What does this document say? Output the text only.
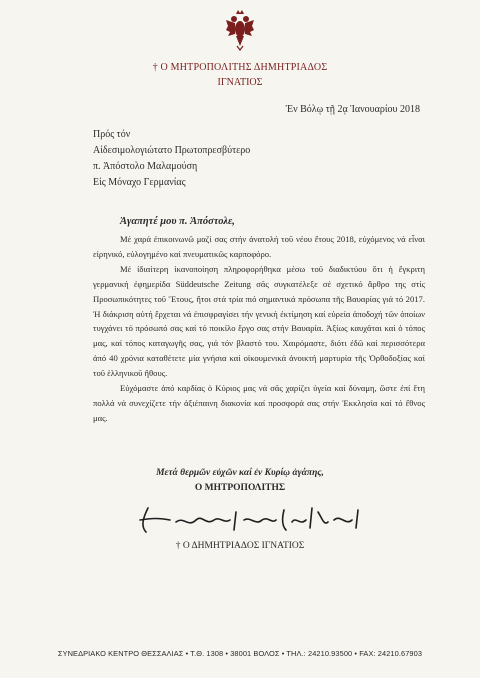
† Ο ΜΗΤΡΟΠΟΛΙΤΗΣ ΔΗΜΗΤΡΙΑΔΟΣ
ΙΓΝΑΤΙΟΣ
Ἐν Βόλῳ τῇ 2ᾳ Ἰανουαρίου 2018
Πρός τόν
Αἰδεσιμολογιώτατο Πρωτοπρεσβύτερο
π. Ἀπόστολο Μαλαμούση
Εἰς Μόναχο Γερμανίας
Ἀγαπητέ μου π. Ἀπόστολε,

Μέ χαρά ἐπικοινωνῶ μαζί σας στήν ἀνατολή τοῦ νέου ἔτους 2018, εὐχόμενος νά εἶναι εἰρηνικό, εὐλογημένο καί πνευματικῶς καρποφόρο.

Μέ ἰδιαίτερη ἱκανοποίηση πληροφορήθηκα μέσω τοῦ διαδικτύου ὅτι ἡ ἔγκριτη γερμανική ἐφημερίδα Süddeutsche Zeitung σᾶς συγκατέλεξε σέ σχετικό ἄρθρο της στίς Προσωπικότητες τοῦ Ἔτους, ἤτοι στά τρία πιό σημαντικά πρόσωπα τῆς Βαυαρίας γιά τό 2017. Ἡ διάκριση αὐτή ἔρχεται νά ἐπισφραγίσει τήν γενική ἐκτίμηση καί εὐρεία ἀποδοχή τῶν ὁποίων τυγχάνει τό πρόσωπό σας καί τό ποικίλο ἔργο σας στήν Βαυαρία. Ἀξίως καυχᾶται καί ὁ τόπος μας, καί τόπος καταγωγῆς σας, γιά τόν βλαστό του. Χαιρόμαστε, διότι ἐδῶ καί περισσότερα ἀπό 40 χρόνια καταθέτετε μία γνήσια καί οἰκουμενικά ἀνοικτή μαρτυρία τῆς Ὀρθοδοξίας καί τοῦ ἑλληνικοῦ ἤθους.

Εὐχόμαστε ἀπό καρδίας ὁ Κύριος μας νά σᾶς χαρίζει ὑγεία καί δύναμη, ὥστε ἐπί ἔτη πολλά νά συνεχίζετε τήν ἀξιέπαινη διακονία καί προσφορά σας στήν Ἐκκλησία καί τό ἔθνος μας.

Μετά θερμῶν εὐχῶν καί ἐν Κυρίῳ ἀγάπης,
Ο ΜΗΤΡΟΠΟΛΙΤΗΣ
† Ο ΔΗΜΗΤΡΙΑΔΟΣ ΙΓΝΑΤΙΟΣ
ΣΥΝΕΔΡΙΑΚΟ ΚΕΝΤΡΟ ΘΕΣΣΑΛΙΑΣ • Τ.Θ. 1308 • 38001 ΒΟΛΟΣ • ΤΗΛ.: 24210.93500 • FAX: 24210.67903
